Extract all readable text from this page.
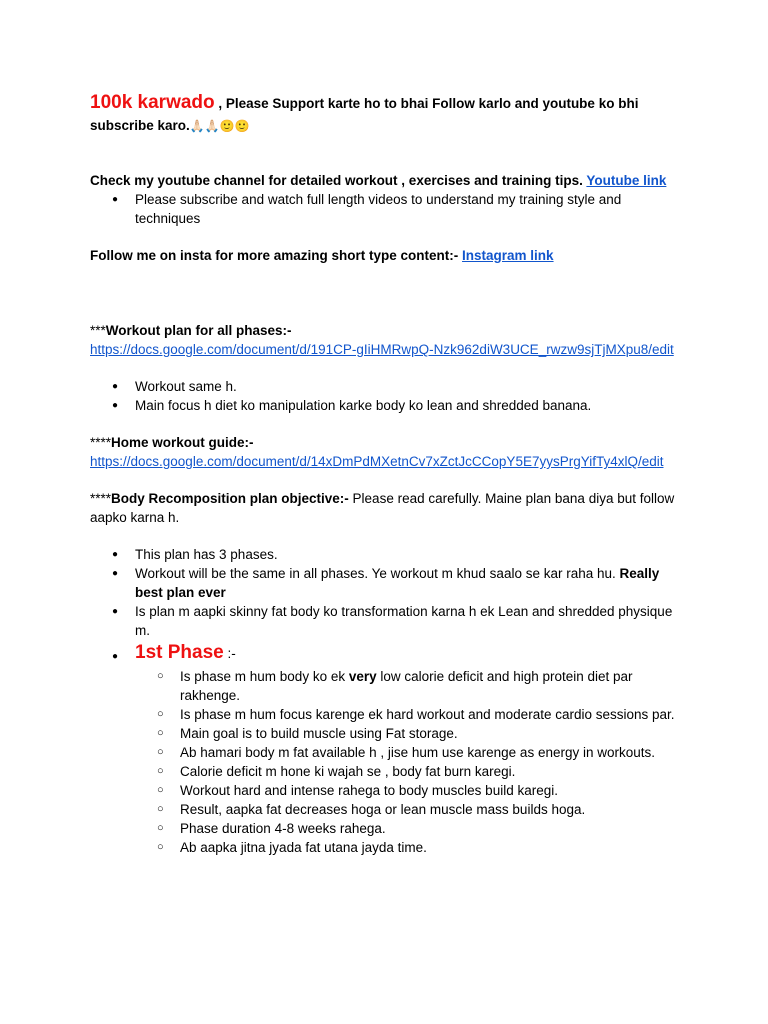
100k karwado , Please Support karte ho to bhai Follow karlo and youtube ko bhi subscribe karo.🙏🏻🙏🏻🙂🙂
Check my youtube channel for detailed workout , exercises and training tips. Youtube link
● Please subscribe and watch full length videos to understand my training style and techniques
Follow me on insta for more amazing short type content:- Instagram link
***Workout plan for all phases:-
https://docs.google.com/document/d/191CP-gIiHMRwpQ-Nzk962diW3UCE_rwzw9sjTjMXpu8/edit
● Workout same h.
● Main focus h diet ko manipulation karke body ko lean and shredded banana.
****Home workout guide:-
https://docs.google.com/document/d/14xDmPdMXetnCv7xZctJcCCopY5E7yysPrgYifTy4xlQ/edit
****Body Recomposition plan objective:- Please read carefully. Maine plan bana diya but follow aapko karna h.
● This plan has 3 phases.
● Workout will be the same in all phases. Ye workout m khud saalo se kar raha hu. Really best plan ever
● Is plan m aapki skinny fat body ko transformation karna h ek Lean and shredded physique m.
● 1st Phase :-
○ Is phase m hum body ko ek very low calorie deficit and high protein diet par rakhenge.
○ Is phase m hum focus karenge ek hard workout and moderate cardio sessions par.
○ Main goal is to build muscle using Fat storage.
○ Ab hamari body m fat available h , jise hum use karenge as energy in workouts.
○ Calorie deficit m hone ki wajah se , body fat burn karegi.
○ Workout hard and intense rahega to body muscles build karegi.
○ Result, aapka fat decreases hoga or lean muscle mass builds hoga.
○ Phase duration 4-8 weeks rahega.
○ Ab aapka jitna jyada fat utana jayda time.
